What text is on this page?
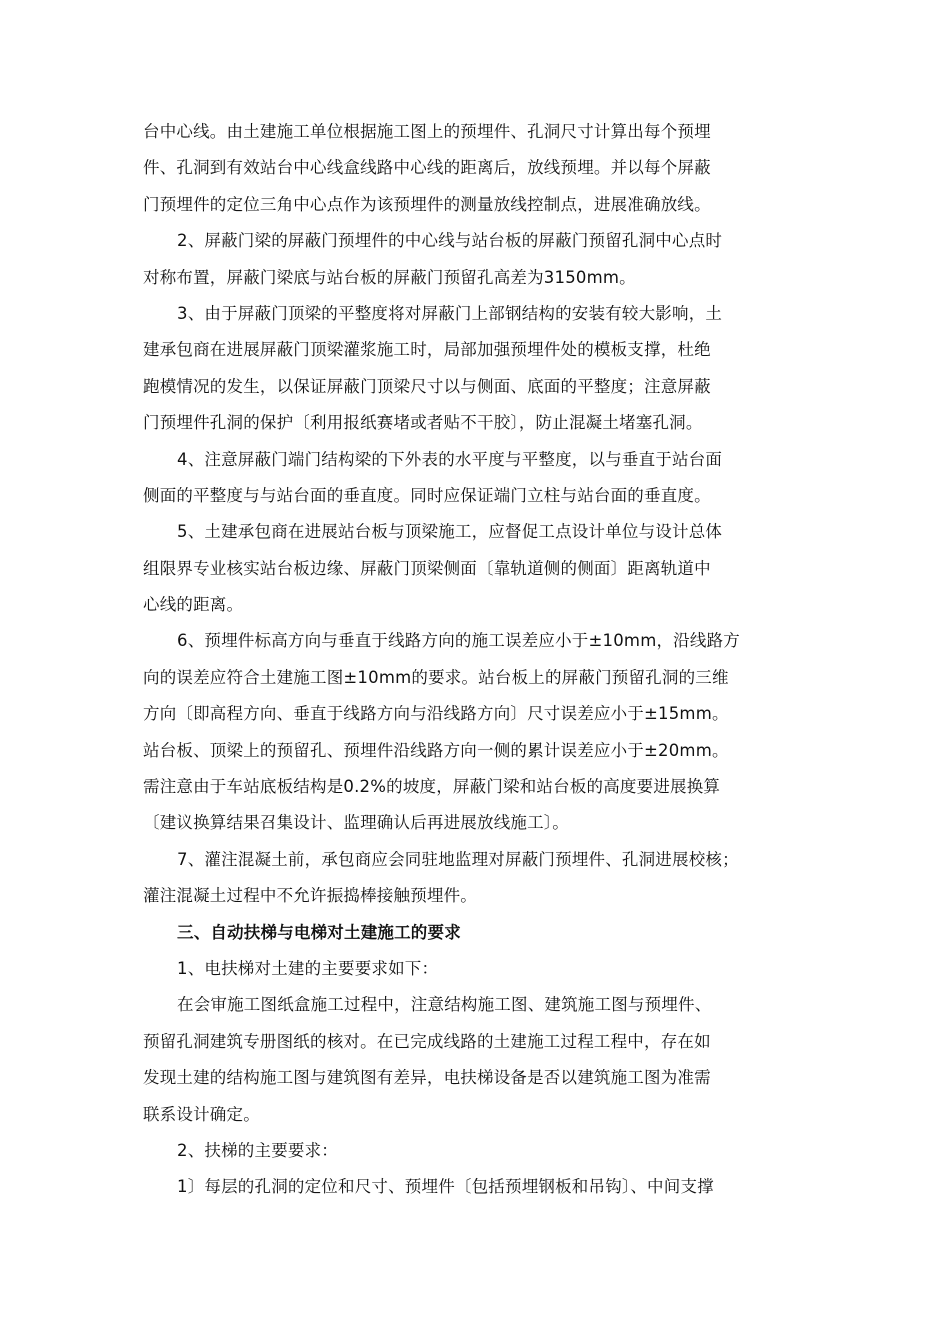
台中心线。由土建施工单位根据施工图上的预埋件、孔洞尺寸计算出每个预埋
件、孔洞到有效站台中心线盒线路中心线的距离后，放线预埋。并以每个屏蔽
门预埋件的定位三角中心点作为该预埋件的测量放线控制点，进展准确放线。
2、屏蔽门梁的屏蔽门预埋件的中心线与站台板的屏蔽门预留孔洞中心点时
对称布置，屏蔽门梁底与站台板的屏蔽门预留孔高差为3150mm。
3、由于屏蔽门顶梁的平整度将对屏蔽门上部钢结构的安装有较大影响，土
建承包商在进展屏蔽门顶梁灌浆施工时，局部加强预埋件处的模板支撑，杜绝
跑模情况的发生，以保证屏蔽门顶梁尺寸以与侧面、底面的平整度；注意屏蔽
门预埋件孔洞的保护〔利用报纸赛堵或者贴不干胶〕，防止混凝土堵塞孔洞。
4、注意屏蔽门端门结构梁的下外表的水平度与平整度，以与垂直于站台面
侧面的平整度与与站台面的垂直度。同时应保证端门立柱与站台面的垂直度。
5、土建承包商在进展站台板与顶梁施工，应督促工点设计单位与设计总体
组限界专业核实站台板边缘、屏蔽门顶梁侧面〔靠轨道侧的侧面〕距离轨道中
心线的距离。
6、预埋件标高方向与垂直于线路方向的施工误差应小于±10mm，沿线路方
向的误差应符合土建施工图±10mm的要求。站台板上的屏蔽门预留孔洞的三维
方向〔即高程方向、垂直于线路方向与沿线路方向〕尺寸误差应小于±15mm。
站台板、顶梁上的预留孔、预埋件沿线路方向一侧的累计误差应小于±20mm。
需注意由于车站底板结构是0.2%的坡度，屏蔽门梁和站台板的高度要进展换算
〔建议换算结果召集设计、监理确认后再进展放线施工〕。
7、灌注混凝土前，承包商应会同驻地监理对屏蔽门预埋件、孔洞进展校核；
灌注混凝土过程中不允许振捣棒接触预埋件。
三、自动扶梯与电梯对土建施工的要求
1、电扶梯对土建的主要要求如下：
在会审施工图纸盒施工过程中，注意结构施工图、建筑施工图与预埋件、
预留孔洞建筑专册图纸的核对。在已完成线路的土建施工过程工程中，存在如
发现土建的结构施工图与建筑图有差异，电扶梯设备是否以建筑施工图为准需
联系设计确定。
2、扶梯的主要要求：
1〕每层的孔洞的定位和尺寸、预埋件〔包括预埋钢板和吊钩〕、中间支撑
